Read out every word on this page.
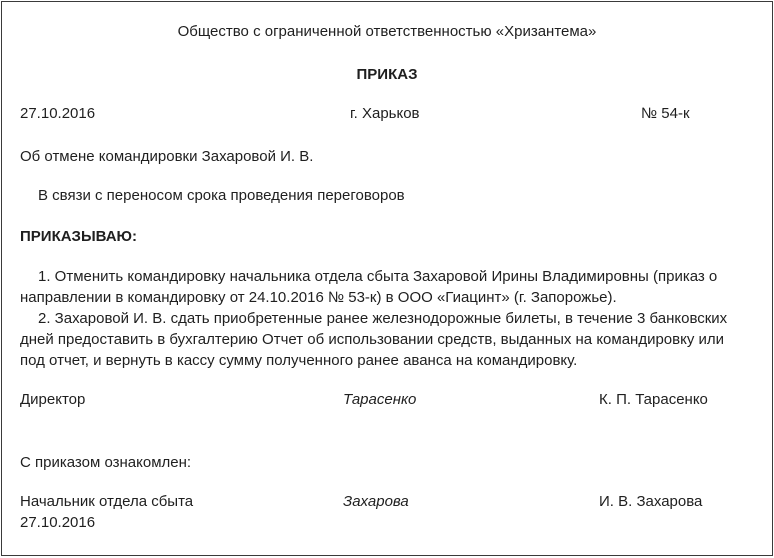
Общество с ограниченной ответственностью «Хризантема»
ПРИКАЗ
27.10.2016	г. Харьков	№ 54-к
Об отмене командировки Захаровой И. В.
В связи с переносом срока проведения переговоров
ПРИКАЗЫВАЮ:
1. Отменить командировку начальника отдела сбыта Захаровой Ирины Владимировны (приказ о
направлении в командировку от 24.10.2016 № 53-к) в ООО «Гиацинт» (г. Запорожье).
2. Захаровой И. В. сдать приобретенные ранее железнодорожные билеты, в течение 3 банковских
дней предоставить в бухгалтерию Отчет об использовании средств, выданных на командировку или
под отчет, и вернуть в кассу сумму полученного ранее аванса на командировку.
Директор	Тарасенко	К. П. Тарасенко
С приказом ознакомлен:
Начальник отдела сбыта	Захарова	И. В. Захарова
27.10.2016
